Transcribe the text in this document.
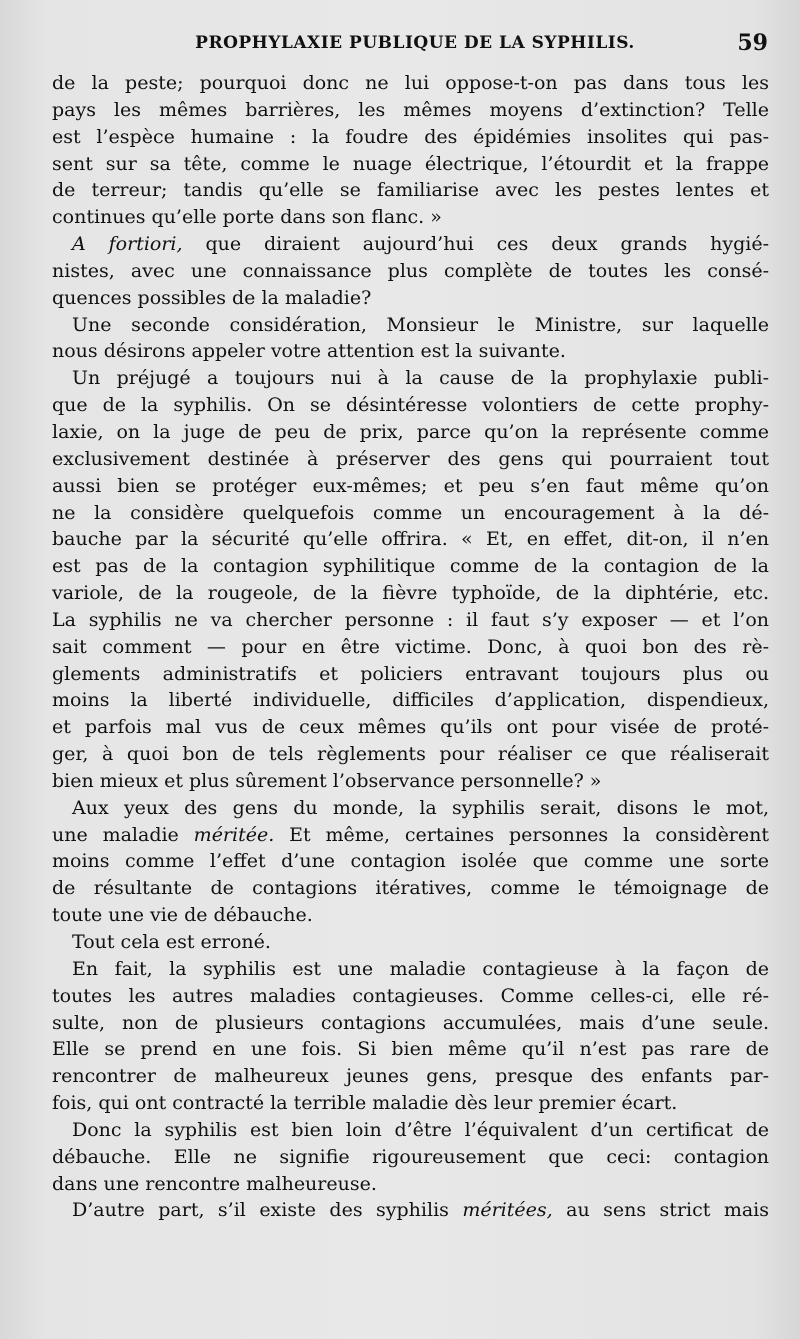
PROPHYLAXIE PUBLIQUE DE LA SYPHILIS.	59
de la peste; pourquoi donc ne lui oppose-t-on pas dans tous les
pays les mêmes barrières, les mêmes moyens d’extinction? Telle
est l’espèce humaine : la foudre des épidémies insolites qui pas-
sent sur sa tête, comme le nuage électrique, l’étourdit et la frappe
de terreur; tandis qu’elle se familiarise avec les pestes lentes et
continues qu’elle porte dans son flanc. »
A fortiori, que diraient aujourd’hui ces deux grands hygié-
nistes, avec une connaissance plus complète de toutes les consé-
quences possibles de la maladie?
Une seconde considération, Monsieur le Ministre, sur laquelle
nous désirons appeler votre attention est la suivante.
Un préjugé a toujours nui à la cause de la prophylaxie publi-
que de la syphilis. On se désintéresse volontiers de cette prophy-
laxie, on la juge de peu de prix, parce qu’on la représente comme
exclusivement destinée à préserver des gens qui pourraient tout
aussi bien se protéger eux-mêmes; et peu s’en faut même qu’on
ne la considère quelquefois comme un encouragement à la dé-
bauche par la sécurité qu’elle offrira. « Et, en effet, dit-on, il n’en
est pas de la contagion syphilitique comme de la contagion de la
variole, de la rougeole, de la fièvre typhoïde, de la diphtérie, etc.
La syphilis ne va chercher personne : il faut s’y exposer — et l’on
sait comment — pour en être victime. Donc, à quoi bon des rè-
glements administratifs et policiers entravant toujours plus ou
moins la liberté individuelle, difficiles d’application, dispendieux,
et parfois mal vus de ceux mêmes qu’ils ont pour visée de proté-
ger, à quoi bon de tels règlements pour réaliser ce que réaliserait
bien mieux et plus sûrement l’observance personnelle? »
Aux yeux des gens du monde, la syphilis serait, disons le mot,
une maladie méritée. Et même, certaines personnes la considèrent
moins comme l’effet d’une contagion isolée que comme une sorte
de résultante de contagions itératives, comme le témoignage de
toute une vie de débauche.
Tout cela est erroné.
En fait, la syphilis est une maladie contagieuse à la façon de
toutes les autres maladies contagieuses. Comme celles-ci, elle ré-
sulte, non de plusieurs contagions accumulées, mais d’une seule.
Elle se prend en une fois. Si bien même qu’il n’est pas rare de
rencontrer de malheureux jeunes gens, presque des enfants par-
fois, qui ont contracté la terrible maladie dès leur premier écart.
Donc la syphilis est bien loin d’être l’équivalent d’un certificat de
débauche. Elle ne signifie rigoureusement que ceci: contagion
dans une rencontre malheureuse.
D’autre part, s’il existe des syphilis méritées, au sens strict mais
